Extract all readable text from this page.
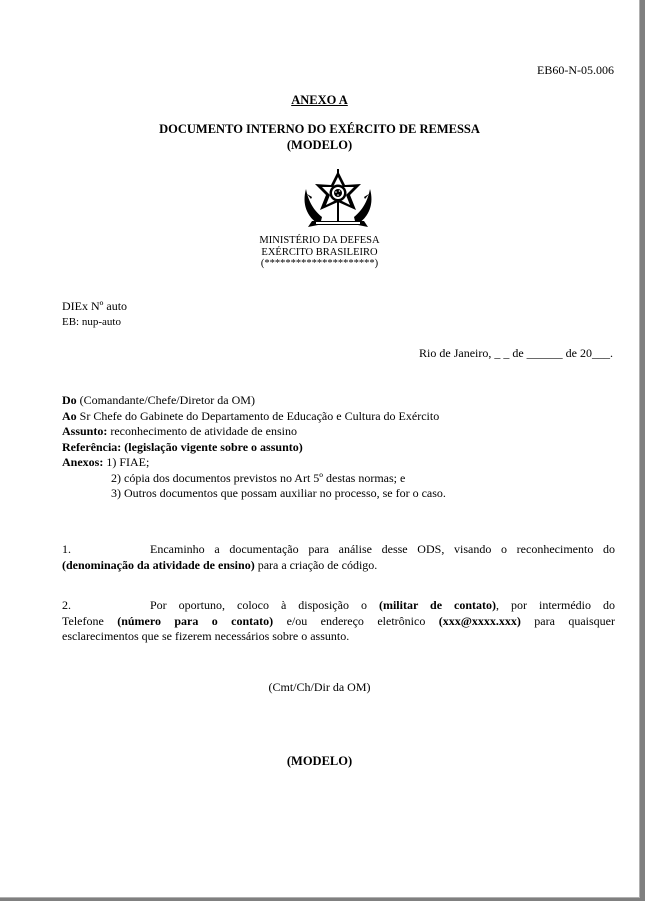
EB60-N-05.006
ANEXO A
DOCUMENTO INTERNO DO EXÉRCITO DE REMESSA
(MODELO)
MINISTÉRIO DA DEFESA
EXÉRCITO BRASILEIRO
(*********************)
DIEx Nº auto
EB: nup-auto
Rio de Janeiro, _ _ de ______ de 20___.
Do (Comandante/Chefe/Diretor da OM)
Ao Sr Chefe do Gabinete do Departamento de Educação e Cultura do Exército
Assunto: reconhecimento de atividade de ensino
Referência: (legislação vigente sobre o assunto)
Anexos: 1) FIAE;
2) cópia dos documentos previstos no Art 5º destas normas; e
3) Outros documentos que possam auxiliar no processo, se for o caso.
1.	Encaminho a documentação para análise desse ODS, visando o reconhecimento do
(denominação da atividade de ensino) para a criação de código.
2.	Por oportuno, coloco à disposição o (militar de contato), por intermédio do
Telefone (número para o contato) e/ou endereço eletrônico (xxx@xxxx.xxx) para quaisquer
esclarecimentos que se fizerem necessários sobre o assunto.
(Cmt/Ch/Dir da OM)
(MODELO)
